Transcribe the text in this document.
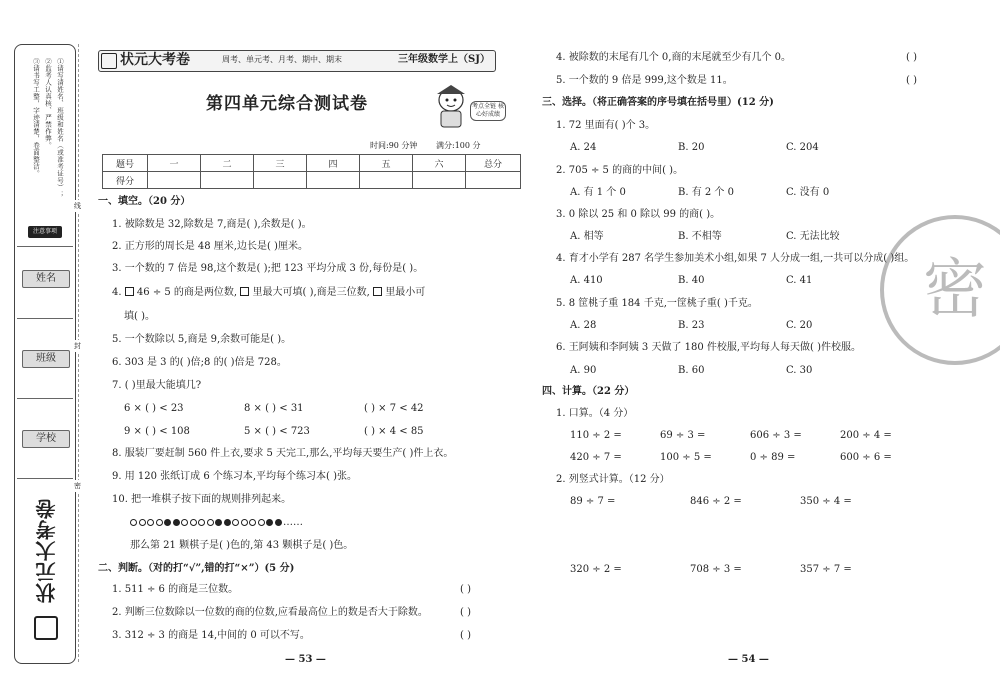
①请写清姓名、班级和姓名（或准考证号）；
②监考人认真核、严禁作弊。
③请书写工整，字迹清楚，卷面整洁。
注意事项
姓名
班级
学校
状元大考卷
线
封
密
状元大考卷	周考、单元考、月考、期中、期末	三年级数学上（SJ）
第四单元综合测试卷	考点全链 核心好成绩
时间:90 分钟 满分:100 分
题号	一	二	三	四	五	六	总分
得分							
一、填空。（20 分）
1. 被除数是 32,除数是 7,商是( ),余数是( )。
2. 正方形的周长是 48 厘米,边长是( )厘米。
3. 一个数的 7 倍是 98,这个数是( );把 123 平均分成 3 份,每份是( )。
4. 46 ÷ 5 的商是两位数, 里最大可填( ),商是三位数, 里最小可
填( )。
5. 一个数除以 5,商是 9,余数可能是( )。
6. 303 是 3 的( )倍;8 的( )倍是 728。
7. ( )里最大能填几?
6 × ( ) < 23	8 × ( ) < 31	( ) × 7 < 42
9 × ( ) < 108	5 × ( ) < 723	( ) × 4 < 85
8. 服装厂要赶制 560 件上衣,要求 5 天完工,那么,平均每天要生产( )件上衣。
9. 用 120 张纸订成 6 个练习本,平均每个练习本( )张。
10. 把一堆棋子按下面的规则排列起来。
……
那么第 21 颗棋子是( )色的,第 43 颗棋子是( )色。
二、判断。（对的打“√”,错的打“×”）(5 分)
1. 511 ÷ 6 的商是三位数。	( )
2. 判断三位数除以一位数的商的位数,应看最高位上的数是否大于除数。	( )
3. 312 ÷ 3 的商是 14,中间的 0 可以不写。	( )
— 53 —
密
4. 被除数的末尾有几个 0,商的末尾就至少有几个 0。	( )
5. 一个数的 9 倍是 999,这个数是 11。	( )
三、选择。（将正确答案的序号填在括号里）(12 分)
1. 72 里面有( )个 3。
A. 24	B. 20	C. 204
2. 705 ÷ 5 的商的中间( )。
A. 有 1 个 0	B. 有 2 个 0	C. 没有 0
3. 0 除以 25 和 0 除以 99 的商( )。
A. 相等	B. 不相等	C. 无法比较
4. 育才小学有 287 名学生参加美术小组,如果 7 人分成一组,一共可以分成( )组。
A. 410	B. 40	C. 41
5. 8 筐桃子重 184 千克,一筐桃子重( )千克。
A. 28	B. 23	C. 20
6. 王阿姨和李阿姨 3 天做了 180 件校服,平均每人每天做( )件校服。
A. 90	B. 60	C. 30
四、计算。（22 分）
1. 口算。（4 分）
110 ÷ 2 =	69 ÷ 3 =	606 ÷ 3 =	200 ÷ 4 =
420 ÷ 7 =	100 ÷ 5 =	0 ÷ 89 =	600 ÷ 6 =
2. 列竖式计算。（12 分）
89 ÷ 7 =	846 ÷ 2 =	350 ÷ 4 =
320 ÷ 2 =	708 ÷ 3 =	357 ÷ 7 =
— 54 —
